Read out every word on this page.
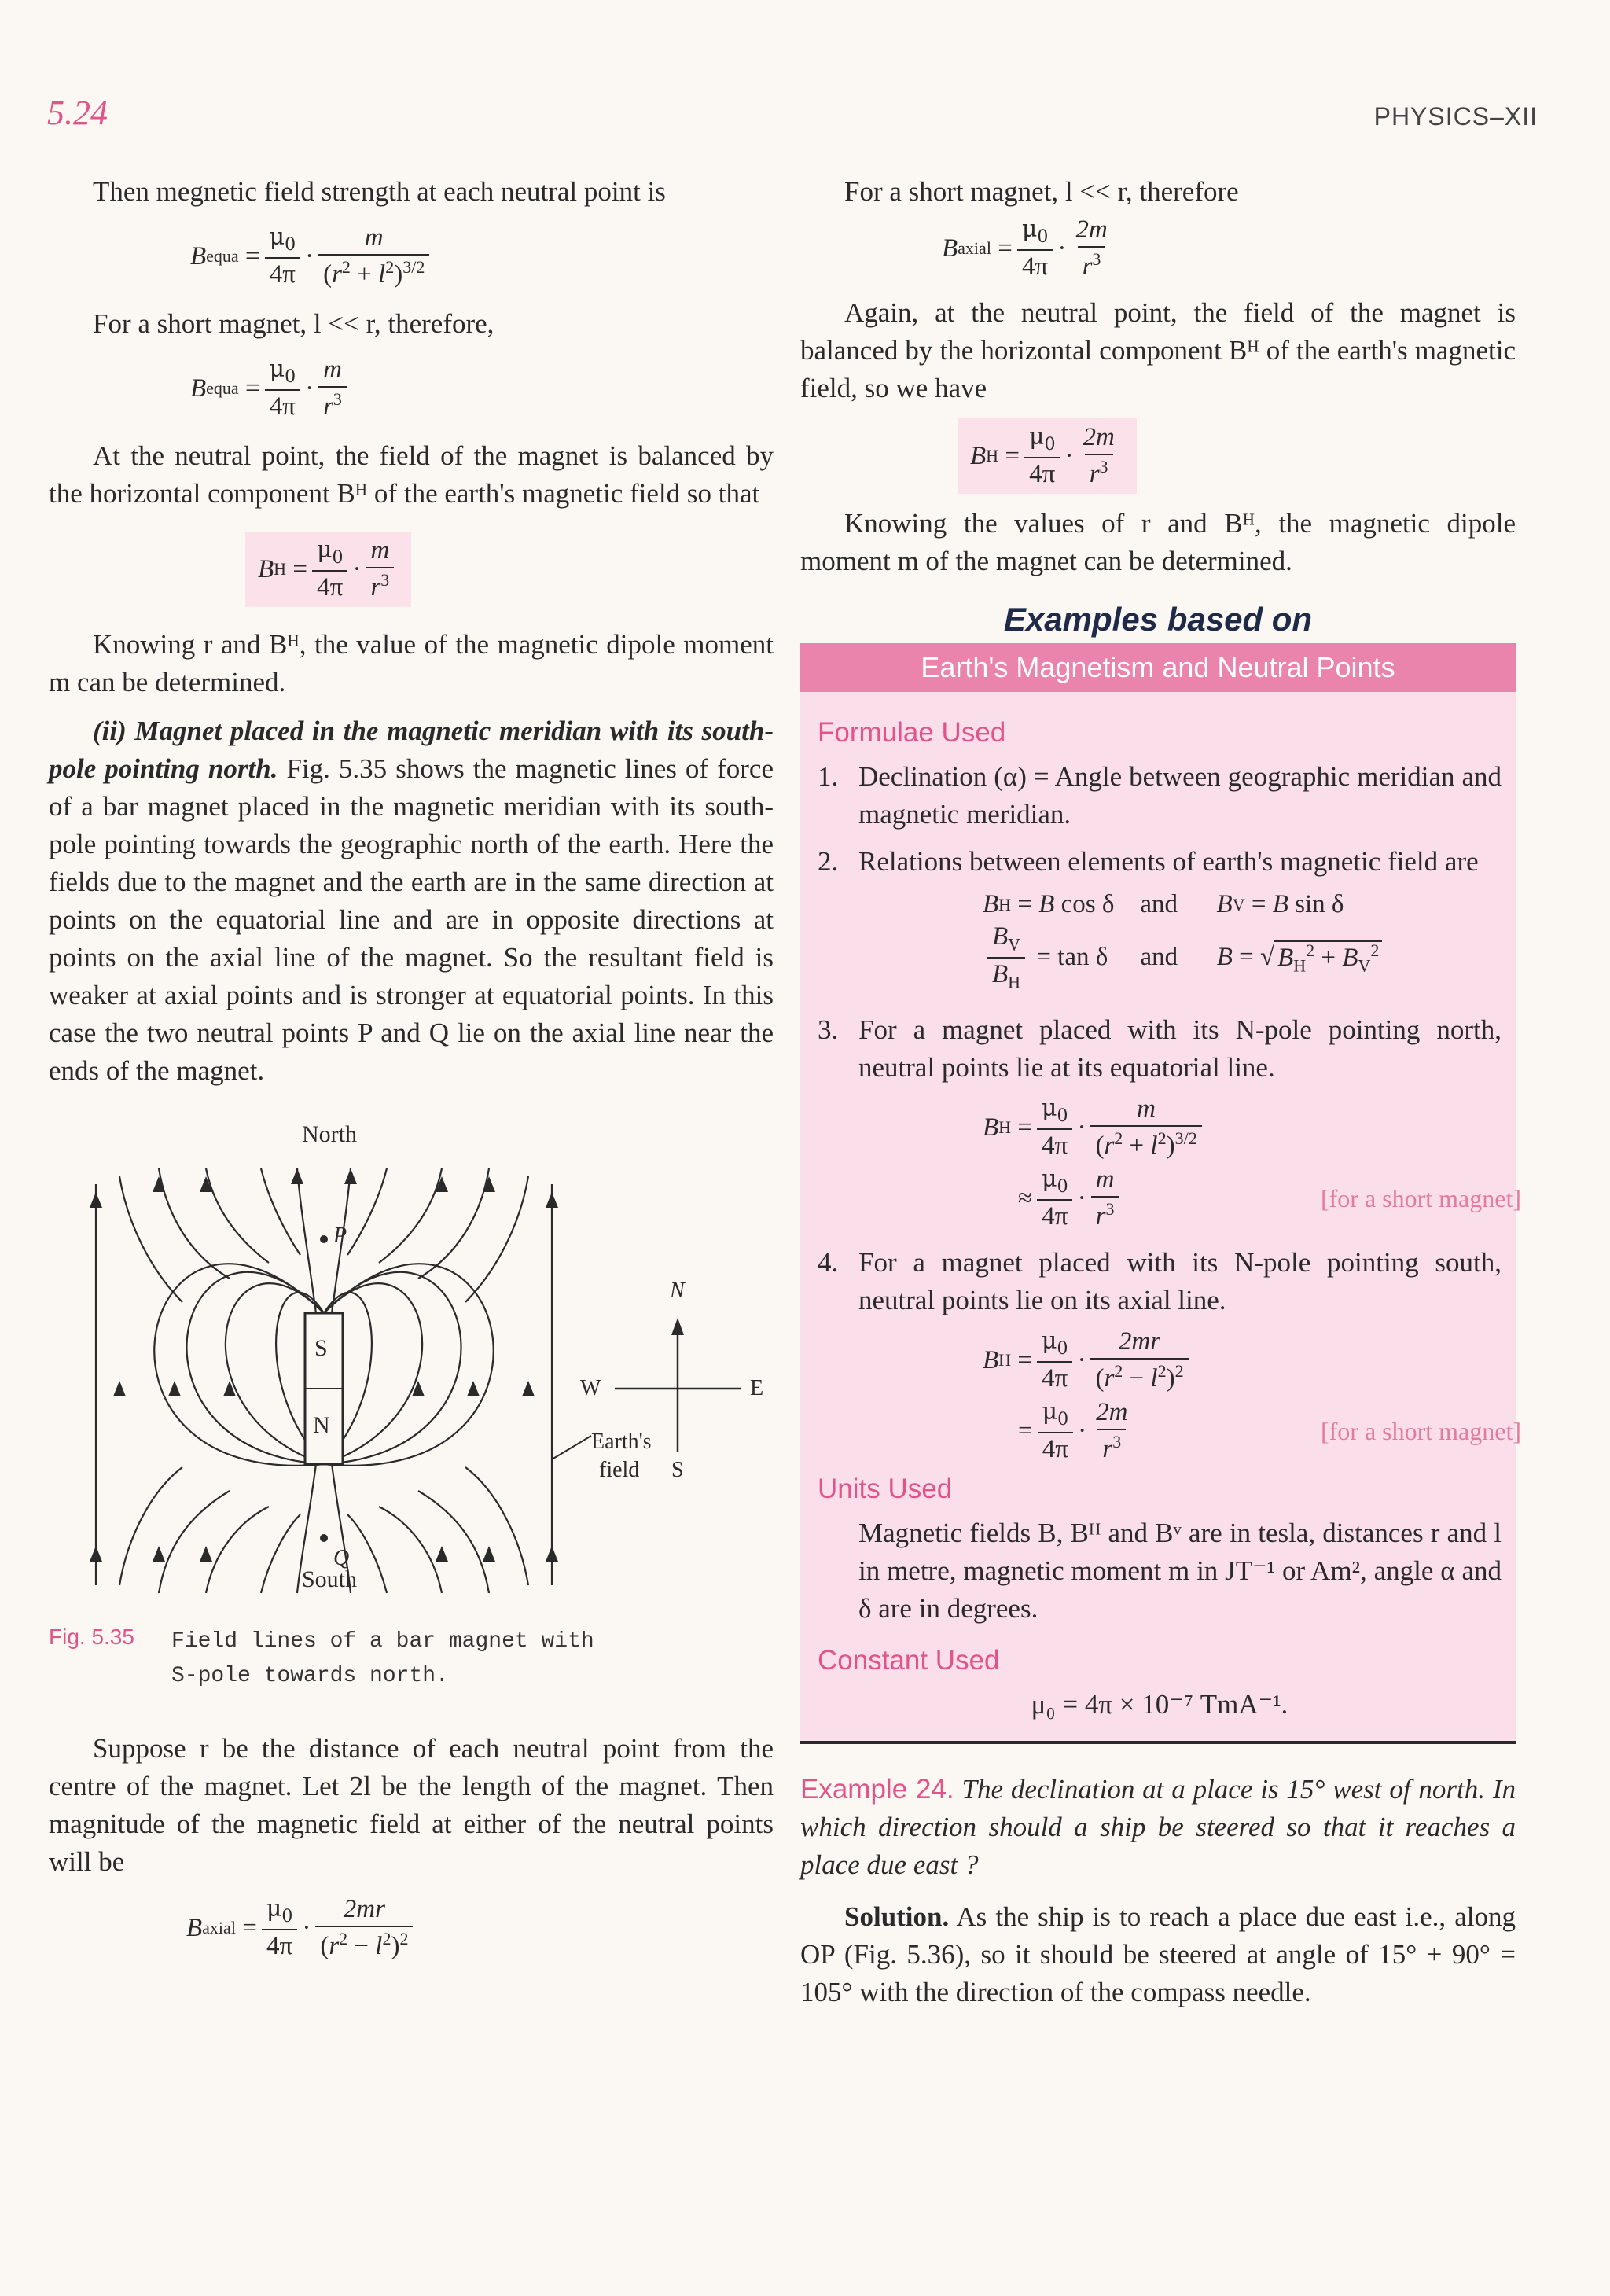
5.24	PHYSICS–XII

Then megnetic field strength at each neutral point is

B equa = $\frac{\mu_0}{4\pi} \cdot \frac{m}{(r^2 + l^2)^{3/2}}$

For a short magnet, l << r, therefore,

B equa = $\frac{\mu_0}{4\pi} \cdot \frac{m}{r^3}$

At the neutral point, the field of the magnet is balanced by the horizontal component Bᴴ of the earth's magnetic field so that

B $H = \frac{\mu_0}{4\pi} \cdot \frac{m}{r^3}$

Knowing r and Bᴴ, the value of the magnetic dipole moment m can be determined.

(ii) Magnet placed in the magnetic meridian with its south-pole pointing north. Fig. 5.35 shows the magnetic lines of force of a bar magnet placed in the magnetic meridian with its south-pole pointing towards the geographic north of the earth. Here the fields due to the magnet and the earth are in the same direction at points on the equatorial line and are in opposite directions at points on the axial line of the magnet. So the resultant field is weaker at axial points and is stronger at equatorial points. In this case the two neutral points P and Q lie on the axial line near the ends of the magnet.

North
P
S
N
Q
South
N
W	E
S
Earth's
field
Fig. 5.35 Field lines of a bar magnet with S-pole towards north.

Suppose r be the distance of each neutral point from the centre of the magnet. Let 2l be the length of the magnet. Then magnitude of the magnetic field at either of the neutral points will be

B axial = $\frac{\mu_0}{4\pi} \cdot \frac{2mr}{(r^2 - l^2)^2}$

For a short magnet, l << r, therefore

B axial = $\frac{\mu_0}{4\pi} \cdot \frac{2m}{r^3}$

Again, at the neutral point, the field of the magnet is balanced by the horizontal component Bᴴ of the earth's magnetic field, so we have

B $H = \frac{\mu_0}{4\pi} \cdot \frac{2m}{r^3}$

Knowing the values of r and Bᴴ, the magnetic dipole moment m of the magnet can be determined.

Examples based on
Earth's Magnetism and Neutral Points
Formulae Used
1. Declination (α) = Angle between geographic meridian and magnetic meridian.
2. Relations between elements of earth's magnetic field are
B H = B cos δ    and B V = B sin δ
$\frac{B_V}{B_H} = \tan \delta$     and B = √ $B_H^2 + B_V^2$
3. For a magnet placed with its N-pole pointing north, neutral points lie at its equatorial line.
B $H = \frac{\mu_0}{4\pi} \cdot \frac{m}{(r^2 + l^2)^{3/2}}$
≈ $\frac{\mu_0}{4\pi} \cdot \frac{m}{r^3}$	[for a short magnet]
4. For a magnet placed with its N-pole pointing south, neutral points lie on its axial line.
B $H = \frac{\mu_0}{4\pi} \cdot \frac{2mr}{(r^2 - l^2)^2}$
= $\frac{\mu_0}{4\pi} \cdot \frac{2m}{r^3}$	[for a short magnet]
Units Used

Magnetic fields B, Bᴴ and Bᵛ are in tesla, distances r and l in metre, magnetic moment m in JT⁻¹ or Am², angle α and δ are in degrees.

Constant Used

μ₀ = 4π × 10⁻⁷ TmA⁻¹.

Example 24. The declination at a place is 15° west of north. In which direction should a ship be steered so that it reaches a place due east ?

Solution. As the ship is to reach a place due east i.e., along OP (Fig. 5.36), so it should be steered at angle of 15° + 90° = 105° with the direction of the compass needle.
